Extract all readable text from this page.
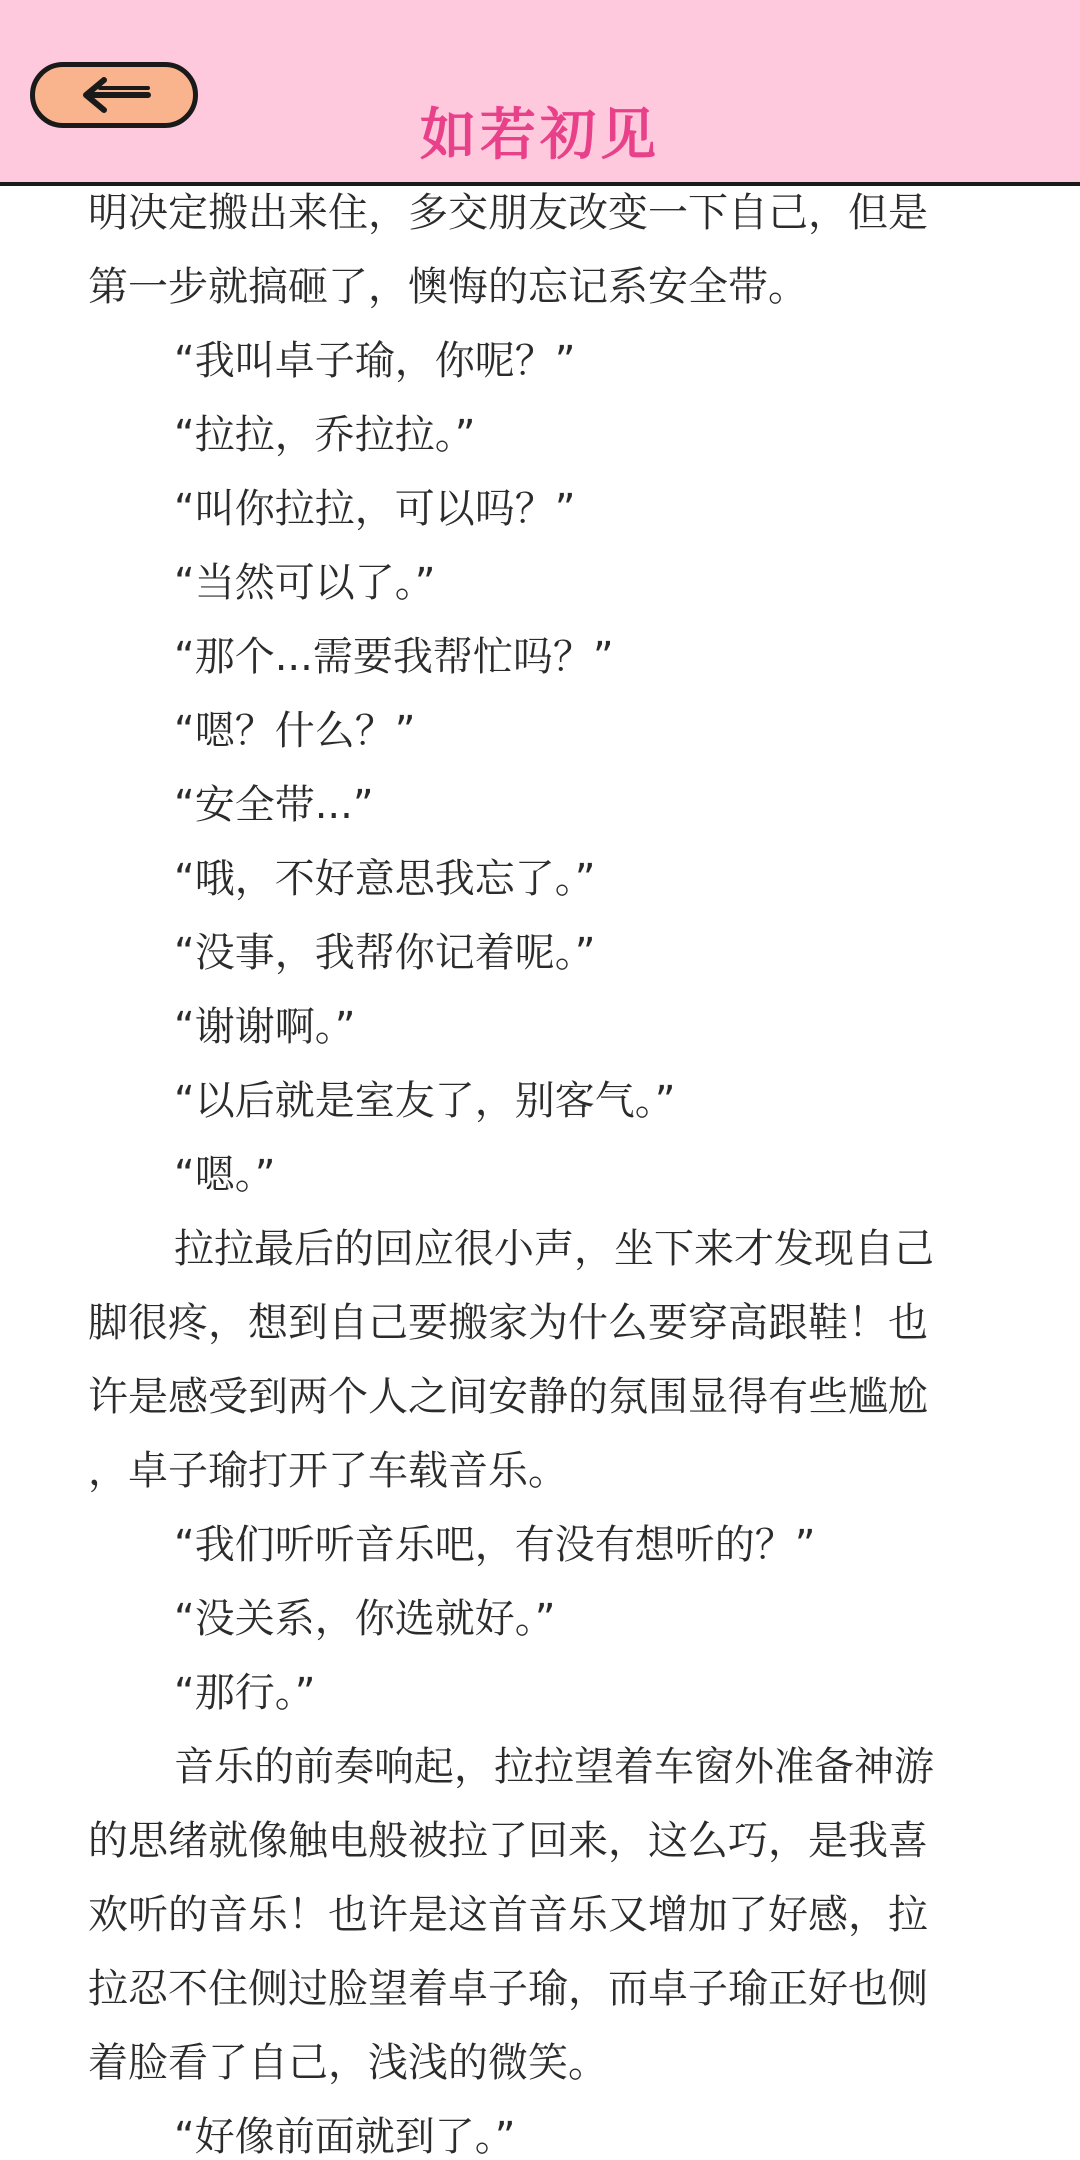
如若初见
明决定搬出来住，多交朋友改变一下自己，但是
第一步就搞砸了，懊悔的忘记系安全带。
“我叫卓子瑜，你呢？”
“拉拉，乔拉拉。”
“叫你拉拉，可以吗？”
“当然可以了。”
“那个...需要我帮忙吗？”
“嗯？什么？”
“安全带...”
“哦，不好意思我忘了。”
“没事，我帮你记着呢。”
“谢谢啊。”
“以后就是室友了，别客气。”
“嗯。”
拉拉最后的回应很小声，坐下来才发现自己
脚很疼，想到自己要搬家为什么要穿高跟鞋！也
许是感受到两个人之间安静的氛围显得有些尴尬
，卓子瑜打开了车载音乐。
“我们听听音乐吧，有没有想听的？”
“没关系，你选就好。”
“那行。”
音乐的前奏响起，拉拉望着车窗外准备神游
的思绪就像触电般被拉了回来，这么巧，是我喜
欢听的音乐！也许是这首音乐又增加了好感，拉
拉忍不住侧过脸望着卓子瑜，而卓子瑜正好也侧
着脸看了自己，浅浅的微笑。
“好像前面就到了。”
